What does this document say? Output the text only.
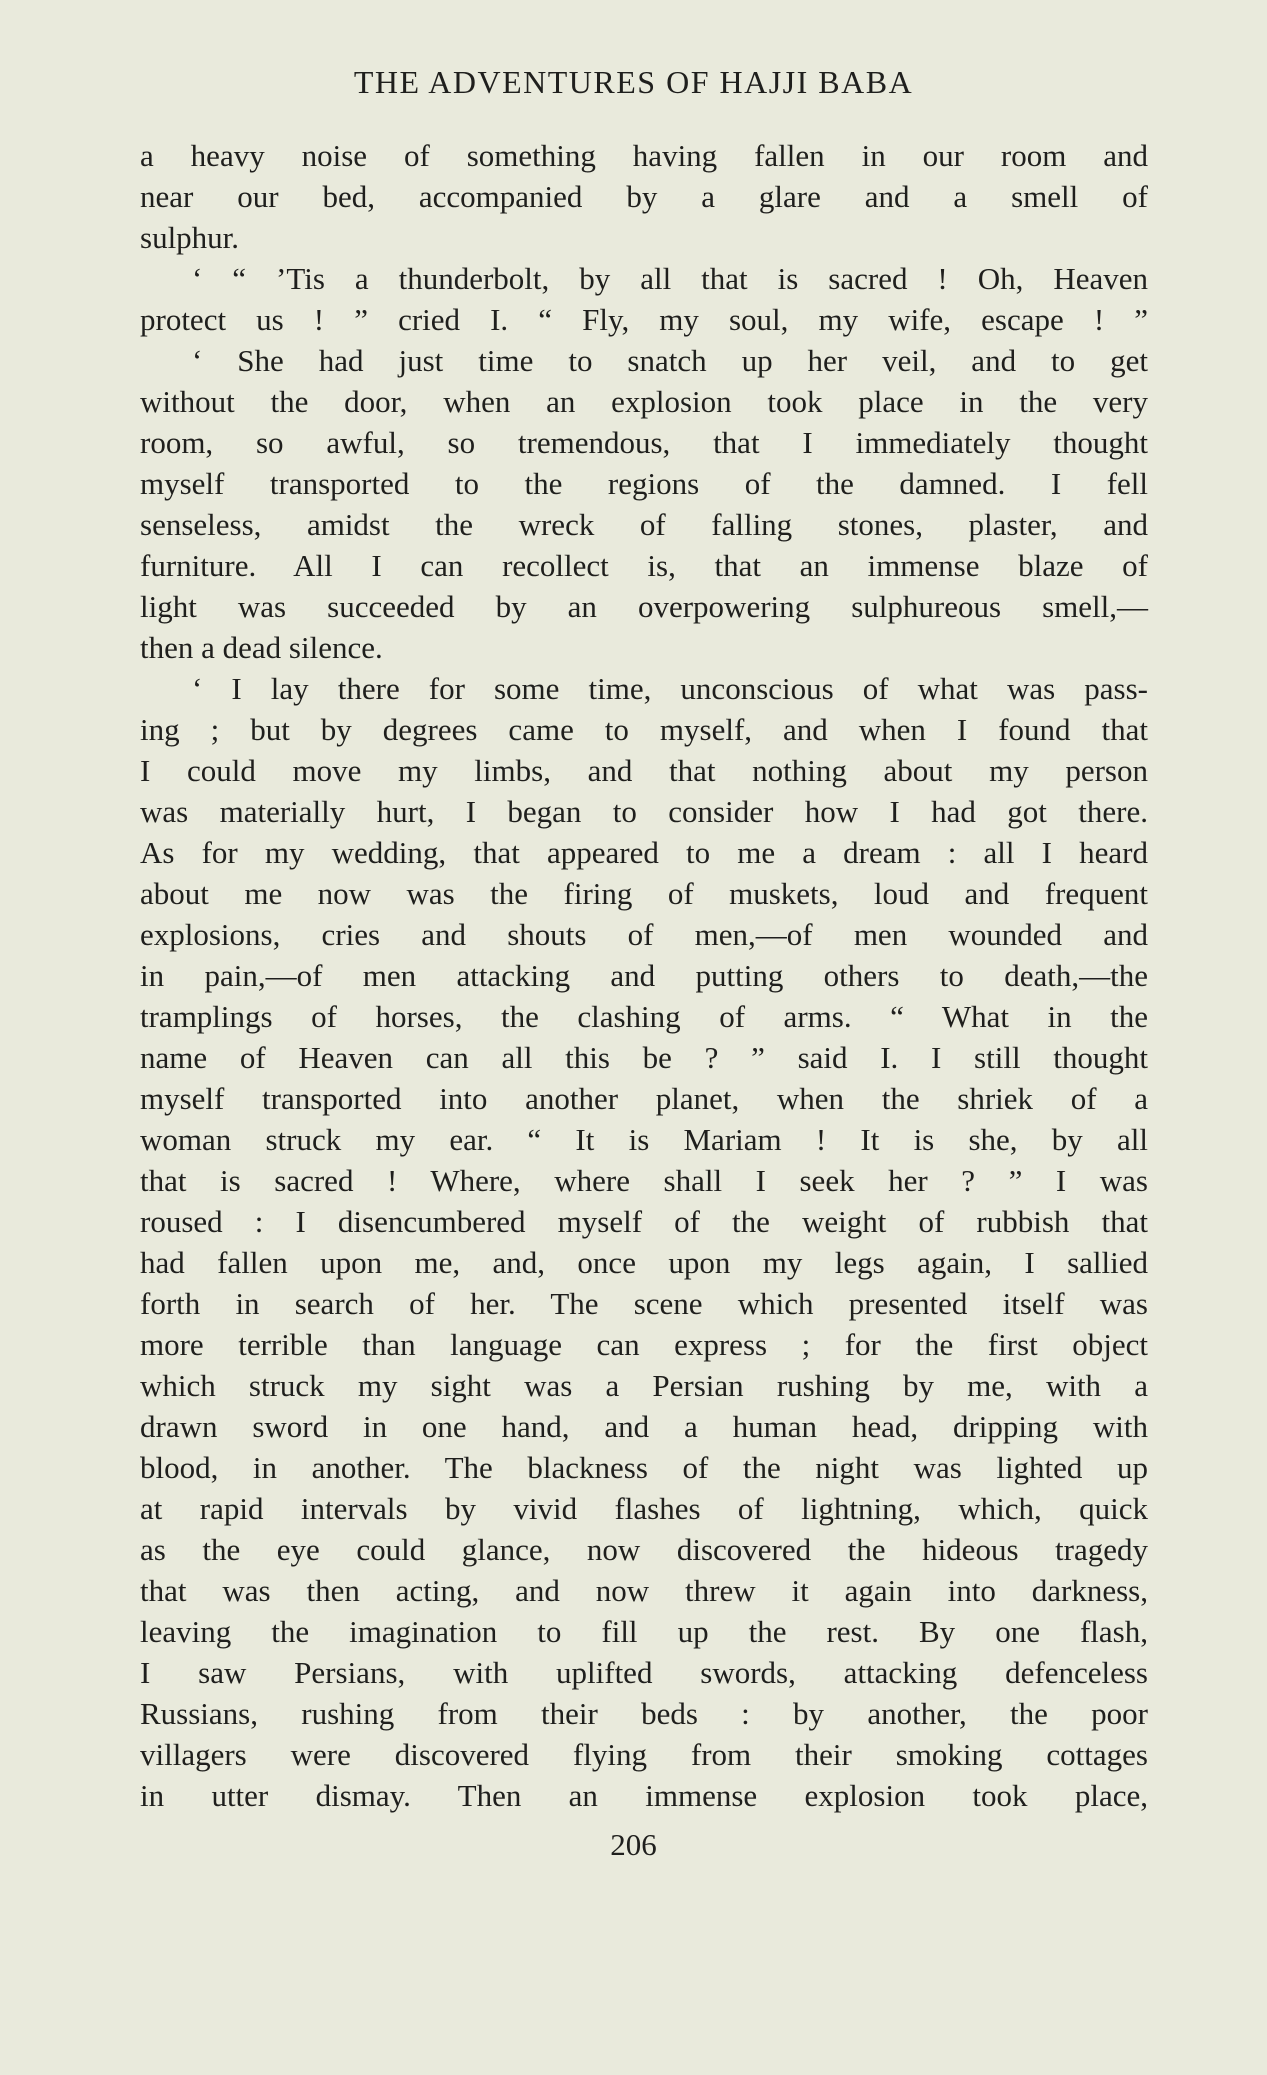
THE ADVENTURES OF HAJJI BABA
a heavy noise of something having fallen in our room and
near our bed, accompanied by a glare and a smell of
sulphur.
‘ “ ’Tis a thunderbolt, by all that is sacred ! Oh, Heaven
protect us ! ” cried I. “ Fly, my soul, my wife, escape ! ”
‘ She had just time to snatch up her veil, and to get
without the door, when an explosion took place in the very
room, so awful, so tremendous, that I immediately thought
myself transported to the regions of the damned. I fell
senseless, amidst the wreck of falling stones, plaster, and
furniture. All I can recollect is, that an immense blaze of
light was succeeded by an overpowering sulphureous smell,—
then a dead silence.
‘ I lay there for some time, unconscious of what was pass-
ing ; but by degrees came to myself, and when I found that
I could move my limbs, and that nothing about my person
was materially hurt, I began to consider how I had got there.
As for my wedding, that appeared to me a dream : all I heard
about me now was the firing of muskets, loud and frequent
explosions, cries and shouts of men,—of men wounded and
in pain,—of men attacking and putting others to death,—the
tramplings of horses, the clashing of arms. “ What in the
name of Heaven can all this be ? ” said I. I still thought
myself transported into another planet, when the shriek of a
woman struck my ear. “ It is Mariam ! It is she, by all
that is sacred ! Where, where shall I seek her ? ” I was
roused : I disencumbered myself of the weight of rubbish that
had fallen upon me, and, once upon my legs again, I sallied
forth in search of her. The scene which presented itself was
more terrible than language can express ; for the first object
which struck my sight was a Persian rushing by me, with a
drawn sword in one hand, and a human head, dripping with
blood, in another. The blackness of the night was lighted up
at rapid intervals by vivid flashes of lightning, which, quick
as the eye could glance, now discovered the hideous tragedy
that was then acting, and now threw it again into darkness,
leaving the imagination to fill up the rest. By one flash,
I saw Persians, with uplifted swords, attacking defenceless
Russians, rushing from their beds : by another, the poor
villagers were discovered flying from their smoking cottages
in utter dismay. Then an immense explosion took place,
206
